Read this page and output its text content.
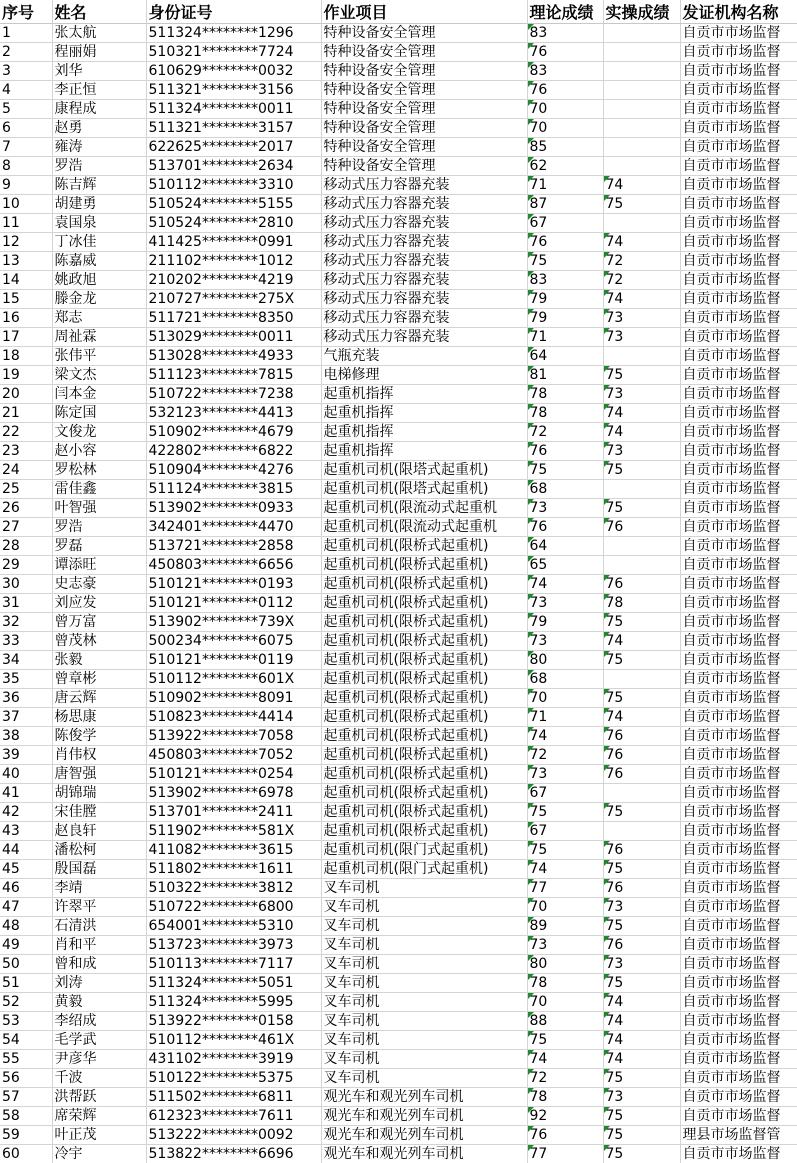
序号	姓名	身份证号	作业项目	理论成绩	实操成绩	发证机构名称
1	张太航	511324********1296	特种设备安全管理	83		自贡市市场监督
2	程丽娟	510321********7724	特种设备安全管理	76		自贡市市场监督
3	刘华	610629********0032	特种设备安全管理	83		自贡市市场监督
4	李正恒	511321********3156	特种设备安全管理	76		自贡市市场监督
5	康程成	511324********0011	特种设备安全管理	70		自贡市市场监督
6	赵勇	511321********3157	特种设备安全管理	70		自贡市市场监督
7	雍涛	622625********2017	特种设备安全管理	85		自贡市市场监督
8	罗浩	513701********2634	特种设备安全管理	62		自贡市市场监督
9	陈吉辉	510112********3310	移动式压力容器充装	71	74	自贡市市场监督
10	胡建勇	510524********5155	移动式压力容器充装	87	75	自贡市市场监督
11	袁国泉	510524********2810	移动式压力容器充装	67		自贡市市场监督
12	丁冰佳	411425********0991	移动式压力容器充装	76	74	自贡市市场监督
13	陈嘉威	211102********1012	移动式压力容器充装	75	72	自贡市市场监督
14	姚政旭	210202********4219	移动式压力容器充装	83	72	自贡市市场监督
15	滕金龙	210727********275X	移动式压力容器充装	79	74	自贡市市场监督
16	郑志	511721********8350	移动式压力容器充装	79	73	自贡市市场监督
17	周祉霖	513029********0011	移动式压力容器充装	71	73	自贡市市场监督
18	张伟平	513028********4933	气瓶充装	64		自贡市市场监督
19	梁文杰	511123********7815	电梯修理	81	75	自贡市市场监督
20	闫本金	510722********7238	起重机指挥	78	73	自贡市市场监督
21	陈定国	532123********4413	起重机指挥	78	74	自贡市市场监督
22	文俊龙	510902********4679	起重机指挥	72	74	自贡市市场监督
23	赵小容	422802********6822	起重机指挥	76	73	自贡市市场监督
24	罗松林	510904********4276	起重机司机(限塔式起重机)	75	75	自贡市市场监督
25	雷佳鑫	511124********3815	起重机司机(限塔式起重机)	68		自贡市市场监督
26	叶智强	513902********0933	起重机司机(限流动式起重机	73	75	自贡市市场监督
27	罗浩	342401********4470	起重机司机(限流动式起重机	76	76	自贡市市场监督
28	罗磊	513721********2858	起重机司机(限桥式起重机)	64		自贡市市场监督
29	谭添旺	450803********6656	起重机司机(限桥式起重机)	65		自贡市市场监督
30	史志豪	510121********0193	起重机司机(限桥式起重机)	74	76	自贡市市场监督
31	刘应发	510121********0112	起重机司机(限桥式起重机)	73	78	自贡市市场监督
32	曾万富	513902********739X	起重机司机(限桥式起重机)	79	75	自贡市市场监督
33	曾茂林	500234********6075	起重机司机(限桥式起重机)	73	74	自贡市市场监督
34	张毅	510121********0119	起重机司机(限桥式起重机)	80	75	自贡市市场监督
35	曾章彬	510112********601X	起重机司机(限桥式起重机)	68		自贡市市场监督
36	唐云辉	510902********8091	起重机司机(限桥式起重机)	70	75	自贡市市场监督
37	杨思康	510823********4414	起重机司机(限桥式起重机)	71	74	自贡市市场监督
38	陈俊学	513922********7058	起重机司机(限桥式起重机)	74	76	自贡市市场监督
39	肖伟权	450803********7052	起重机司机(限桥式起重机)	72	76	自贡市市场监督
40	唐智强	510121********0254	起重机司机(限桥式起重机)	73	76	自贡市市场监督
41	胡锦瑞	513902********6978	起重机司机(限桥式起重机)	67		自贡市市场监督
42	宋佳膛	513701********2411	起重机司机(限桥式起重机)	75	75	自贡市市场监督
43	赵良轩	511902********581X	起重机司机(限桥式起重机)	67		自贡市市场监督
44	潘松柯	411082********3615	起重机司机(限门式起重机)	75	76	自贡市市场监督
45	殷国磊	511802********1611	起重机司机(限门式起重机)	74	75	自贡市市场监督
46	李靖	510322********3812	叉车司机	77	76	自贡市市场监督
47	许翠平	510722********6800	叉车司机	70	73	自贡市市场监督
48	石清洪	654001********5310	叉车司机	89	75	自贡市市场监督
49	肖和平	513723********3973	叉车司机	73	76	自贡市市场监督
50	曾和成	510113********7117	叉车司机	80	73	自贡市市场监督
51	刘涛	511324********5051	叉车司机	78	75	自贡市市场监督
52	黄毅	511324********5995	叉车司机	70	74	自贡市市场监督
53	李绍成	513922********0158	叉车司机	88	74	自贡市市场监督
54	毛学武	510112********461X	叉车司机	75	74	自贡市市场监督
55	尹彦华	431102********3919	叉车司机	74	74	自贡市市场监督
56	千波	510122********5375	叉车司机	72	75	自贡市市场监督
57	洪帮跃	511502********6811	观光车和观光列车司机	78	73	自贡市市场监督
58	席荣辉	612323********7611	观光车和观光列车司机	92	75	自贡市市场监督
59	叶正茂	513222********0092	观光车和观光列车司机	76	75	理县市场监督管
60	冷宇	513822********6696	观光车和观光列车司机	77	75	自贡市市场监督
